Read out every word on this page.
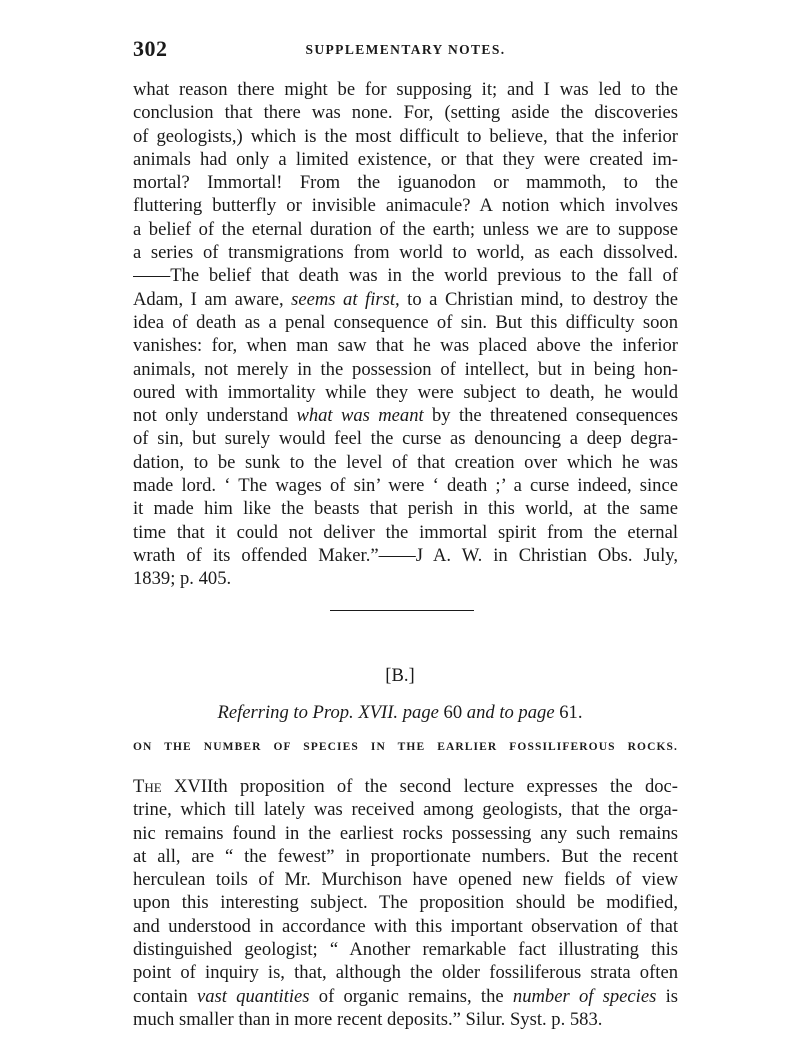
302	SUPPLEMENTARY NOTES.
what reason there might be for supposing it; and I was led to the
conclusion that there was none. For, (setting aside the discoveries
of geologists,) which is the most difficult to believe, that the inferior
animals had only a limited existence, or that they were created im-
mortal? Immortal! From the iguanodon or mammoth, to the
fluttering butterfly or invisible animacule? A notion which involves
a belief of the eternal duration of the earth; unless we are to suppose
a series of transmigrations from world to world, as each dissolved.
——The belief that death was in the world previous to the fall of
Adam, I am aware, seems at first, to a Christian mind, to destroy the
idea of death as a penal consequence of sin. But this difficulty soon
vanishes: for, when man saw that he was placed above the inferior
animals, not merely in the possession of intellect, but in being hon-
oured with immortality while they were subject to death, he would
not only understand what was meant by the threatened consequences
of sin, but surely would feel the curse as denouncing a deep degra-
dation, to be sunk to the level of that creation over which he was
made lord. ‘ The wages of sin’ were ‘ death ;’ a curse indeed, since
it made him like the beasts that perish in this world, at the same
time that it could not deliver the immortal spirit from the eternal
wrath of its offended Maker.”——J A. W. in Christian Obs. July,
1839; p. 405.
[B.]
Referring to Prop. XVII. page 60 and to page 61.
ON THE NUMBER OF SPECIES IN THE EARLIER FOSSILIFEROUS ROCKS.
The XVIIth proposition of the second lecture expresses the doc-
trine, which till lately was received among geologists, that the orga-
nic remains found in the earliest rocks possessing any such remains
at all, are “ the fewest” in proportionate numbers. But the recent
herculean toils of Mr. Murchison have opened new fields of view
upon this interesting subject. The proposition should be modified,
and understood in accordance with this important observation of that
distinguished geologist; “ Another remarkable fact illustrating this
point of inquiry is, that, although the older fossiliferous strata often
contain vast quantities of organic remains, the number of species is
much smaller than in more recent deposits.” Silur. Syst. p. 583.
